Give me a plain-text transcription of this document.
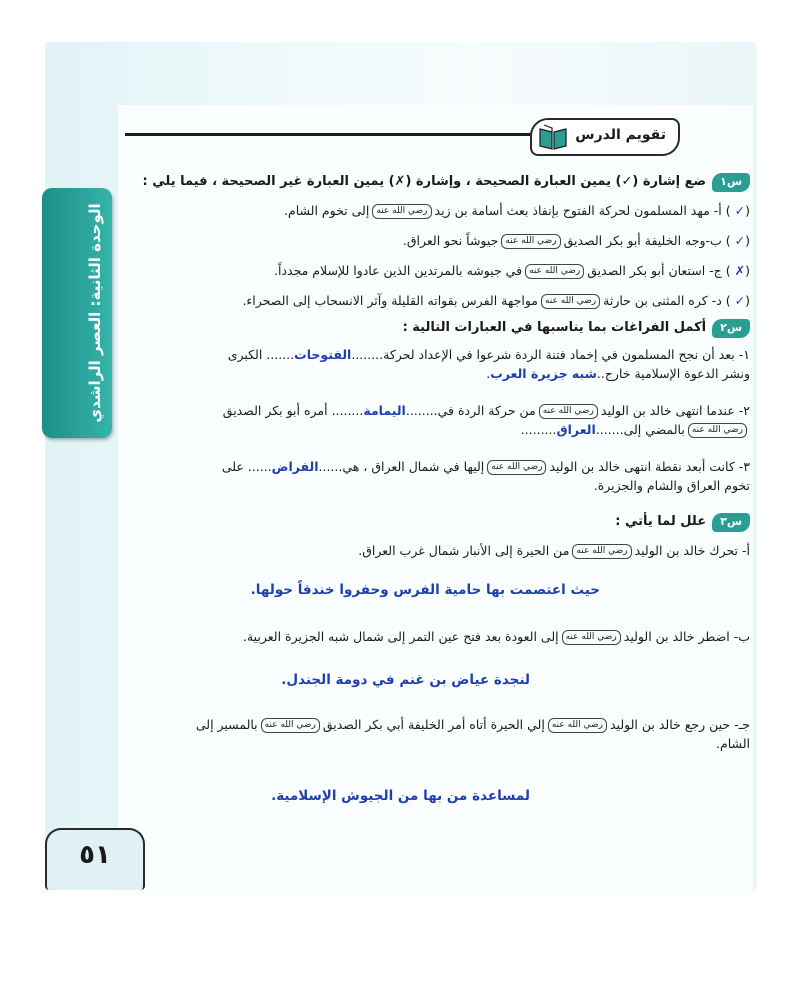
تقويم الدرس
الوحدة الثانية: العصر الراشدي
س١ضع إشارة (✓) يمين العبارة الصحيحة ، وإشارة (✗) يمين العبارة غير الصحيحة ، فيما يلي :
(✓) أ- مهد المسلمون لحركة الفتوح بإنفاذ بعث أسامة بن زيدرضي الله عنهإلى تخوم الشام.
(✓) ب-وجه الخليفة أبو بكر الصديقرضي الله عنهجيوشاً نحو العراق.
(✗) ج- استعان أبو بكر الصديقرضي الله عنهفي جيوشه بالمرتدين الذين عادوا للإسلام مجدداً.
(✓) د- كره المثنى بن حارثةرضي الله عنهمواجهة الفرس بقواته القليلة وآثر الانسحاب إلى الصحراء.
س٢أكمل الفراغات بما يناسبها في العبارات التالية :
١- بعد أن نجح المسلمون في إخماد فتنة الردة شرعوا في الإعداد لحركة........الفتوحات....... الكبرى
ونشر الدعوة الإسلامية خارج..شبه جزيرة العرب.
٢- عندما انتهى خالد بن الوليدرضي الله عنهمن حركة الردة في........اليمامة........ أمره أبو بكر الصديق
رضي الله عنهبالمضي إلى.......العراق.........
٣- كانت أبعد نقطة انتهى خالد بن الوليدرضي الله عنهإليها في شمال العراق ، هي......الفراض...... على
تخوم العراق والشام والجزيرة.
س٣علل لما يأتي :
أ- تحرك خالد بن الوليدرضي الله عنهمن الحيرة إلى الأنبار شمال غرب العراق.
حيث اعتصمت بها حامية الفرس وحفروا خندقاً حولها.
ب- اضطر خالد بن الوليدرضي الله عنهإلى العودة بعد فتح عين التمر إلى شمال شبه الجزيرة العربية.
لنجدة عياض بن غنم في دومة الجندل.
جـ- حين رجع خالد بن الوليدرضي الله عنهإلي الحيرة أتاه أمر الخليفة أبي بكر الصديقرضي الله عنهبالمسير إلى
الشام.
لمساعدة من بها من الجيوش الإسلامية.
٥١
